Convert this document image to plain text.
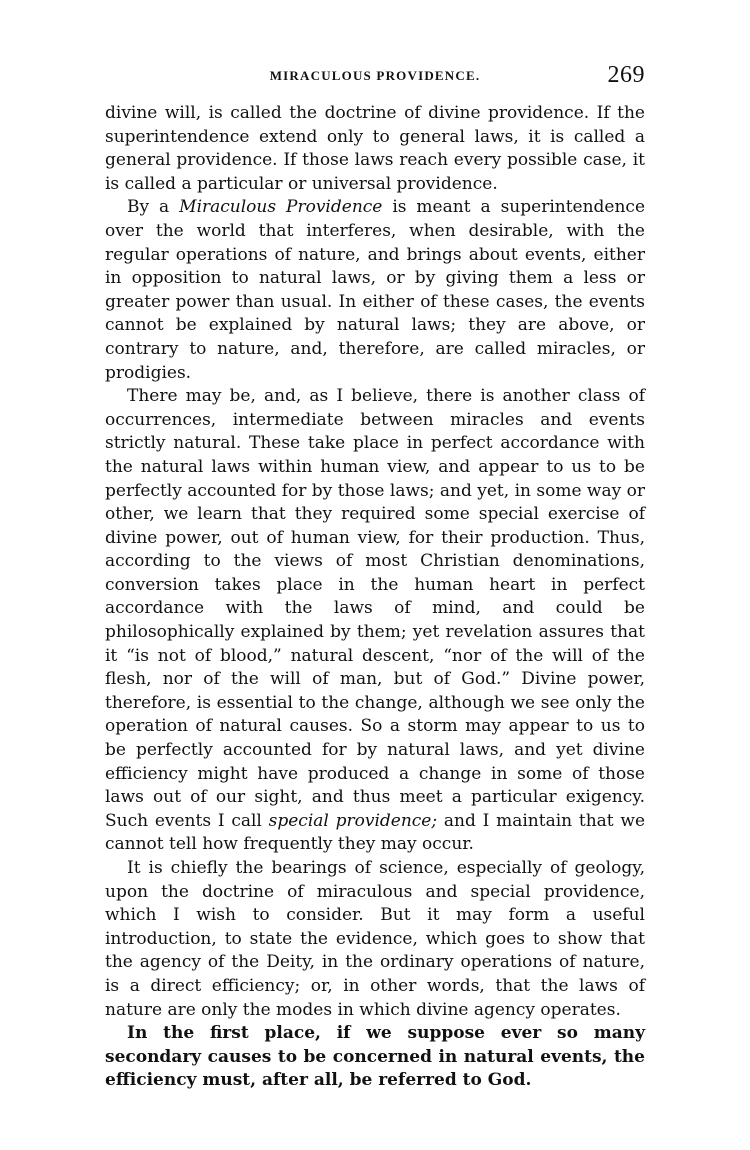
MIRACULOUS PROVIDENCE.	269

divine will, is called the doctrine of divine providence. If the superintendence extend only to general laws, it is called a general providence. If those laws reach every possible case, it is called a particular or universal providence.

By a Miraculous Providence is meant a superintendence over the world that interferes, when desirable, with the regular operations of nature, and brings about events, either in opposition to natural laws, or by giving them a less or greater power than usual. In either of these cases, the events cannot be explained by natural laws; they are above, or contrary to nature, and, therefore, are called miracles, or prodigies.

There may be, and, as I believe, there is another class of occurrences, intermediate between miracles and events strictly natural. These take place in perfect accordance with the natural laws within human view, and appear to us to be perfectly accounted for by those laws; and yet, in some way or other, we learn that they required some special exercise of divine power, out of human view, for their production. Thus, according to the views of most Christian denominations, conversion takes place in the human heart in perfect accordance with the laws of mind, and could be philosophically explained by them; yet revelation assures that it “is not of blood,” natural descent, “nor of the will of the flesh, nor of the will of man, but of God.” Divine power, therefore, is essential to the change, although we see only the operation of natural causes. So a storm may appear to us to be perfectly accounted for by natural laws, and yet divine efficiency might have produced a change in some of those laws out of our sight, and thus meet a particular exigency. Such events I call special providence; and I maintain that we cannot tell how frequently they may occur.

It is chiefly the bearings of science, especially of geology, upon the doctrine of miraculous and special providence, which I wish to consider. But it may form a useful introduction, to state the evidence, which goes to show that the agency of the Deity, in the ordinary operations of nature, is a direct efficiency; or, in other words, that the laws of nature are only the modes in which divine agency operates.

In the first place, if we suppose ever so many secondary causes to be concerned in natural events, the efficiency must, after all, be referred to God.
